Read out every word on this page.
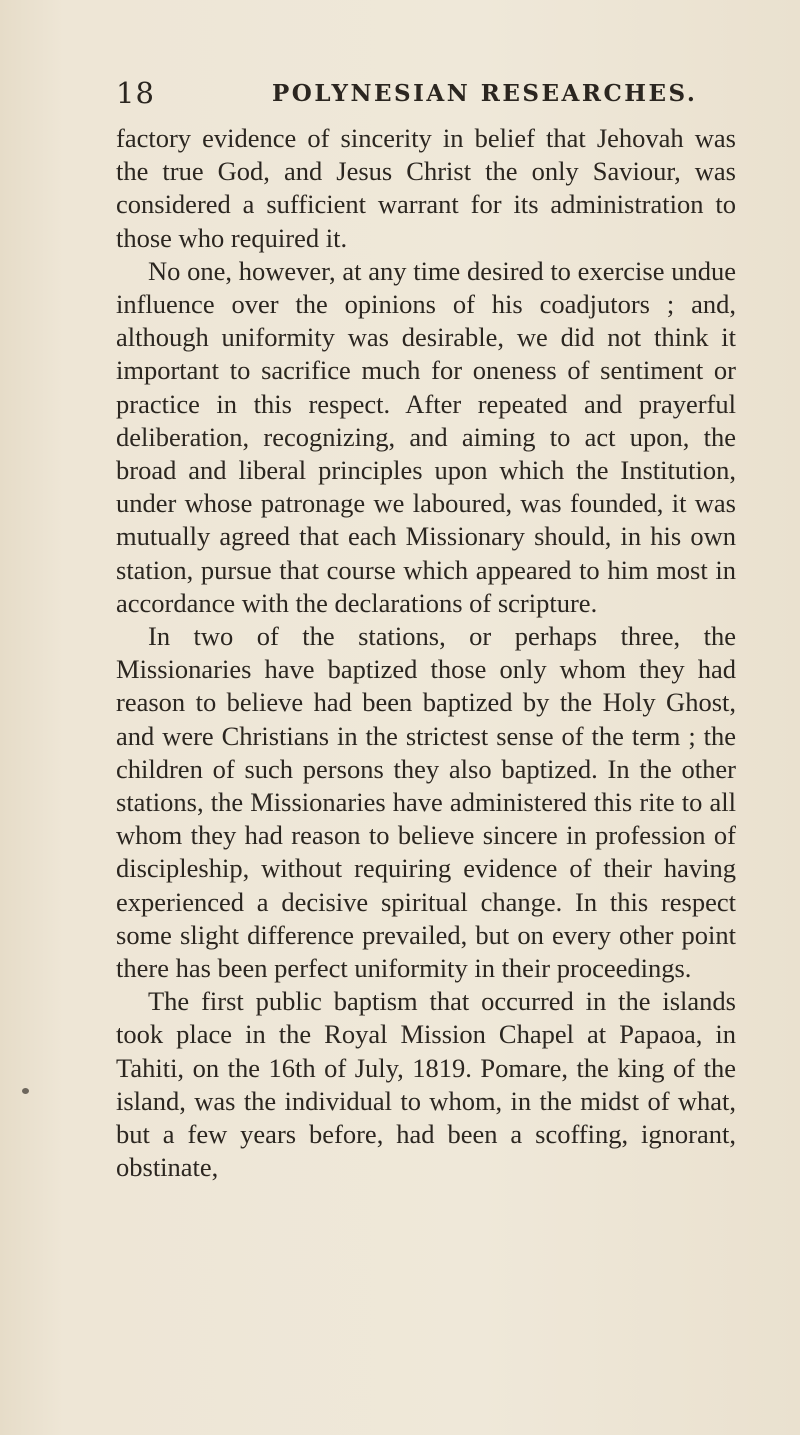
18	POLYNESIAN RESEARCHES.

factory evidence of sincerity in belief that Jehovah was the true God, and Jesus Christ the only Saviour, was considered a sufficient warrant for its administration to those who required it.

No one, however, at any time desired to exercise undue influence over the opinions of his coadjutors ; and, although uniformity was desirable, we did not think it important to sacrifice much for oneness of sentiment or practice in this respect. After repeated and prayerful deliberation, recognizing, and aiming to act upon, the broad and liberal principles upon which the Institution, under whose patronage we laboured, was founded, it was mutually agreed that each Missionary should, in his own station, pursue that course which appeared to him most in accordance with the declarations of scripture.

In two of the stations, or perhaps three, the Missionaries have baptized those only whom they had reason to believe had been baptized by the Holy Ghost, and were Christians in the strictest sense of the term ; the children of such persons they also baptized. In the other stations, the Missionaries have administered this rite to all whom they had reason to believe sincere in profession of discipleship, without requiring evidence of their having experienced a decisive spiritual change. In this respect some slight difference prevailed, but on every other point there has been perfect uniformity in their proceedings.

The first public baptism that occurred in the islands took place in the Royal Mission Chapel at Papaoa, in Tahiti, on the 16th of July, 1819. Pomare, the king of the island, was the individual to whom, in the midst of what, but a few years before, had been a scoffing, ignorant, obstinate,
